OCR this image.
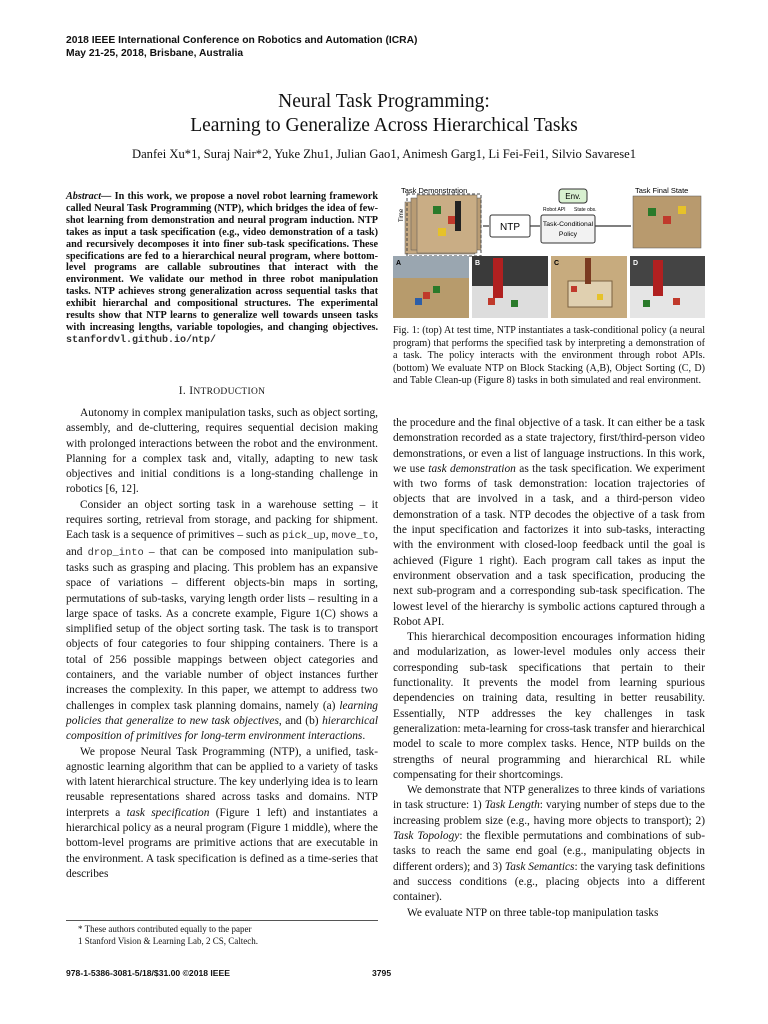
2018 IEEE International Conference on Robotics and Automation (ICRA)
May 21-25, 2018, Brisbane, Australia
Neural Task Programming:
Learning to Generalize Across Hierarchical Tasks
Danfei Xu*1, Suraj Nair*2, Yuke Zhu1, Julian Gao1, Animesh Garg1, Li Fei-Fei1, Silvio Savarese1
Abstract— In this work, we propose a novel robot learning framework called Neural Task Programming (NTP), which bridges the idea of few-shot learning from demonstration and neural program induction. NTP takes as input a task specification (e.g., video demonstration of a task) and recursively decomposes it into finer sub-task specifications. These specifications are fed to a hierarchical neural program, where bottom-level programs are callable subroutines that interact with the environment. We validate our method in three robot manipulation tasks. NTP achieves strong generalization across sequential tasks that exhibit hierarchal and compositional structures. The experimental results show that NTP learns to generalize well towards unseen tasks with increasing lengths, variable topologies, and changing objectives. stanfordvl.github.io/ntp/
I. INTRODUCTION

Autonomy in complex manipulation tasks, such as object sorting, assembly, and de-cluttering, requires sequential decision making with prolonged interactions between the robot and the environment. Planning for a complex task and, vitally, adapting to new task objectives and initial conditions is a long-standing challenge in robotics [6, 12].

Consider an object sorting task in a warehouse setting – it requires sorting, retrieval from storage, and packing for shipment. Each task is a sequence of primitives – such as pick_up, move_to, and drop_into – that can be composed into manipulation sub-tasks such as grasping and placing. This problem has an expansive space of variations – different objects-bin maps in sorting, permutations of sub-tasks, varying length order lists – resulting in a large space of tasks. As a concrete example, Figure 1(C) shows a simplified setup of the object sorting task. The task is to transport objects of four categories to four shipping containers. There is a total of 256 possible mappings between object categories and containers, and the variable number of object instances further increases the complexity. In this paper, we attempt to address two challenges in complex task planning domains, namely (a) learning policies that generalize to new task objectives, and (b) hierarchical composition of primitives for long-term environment interactions.

We propose Neural Task Programming (NTP), a unified, task-agnostic learning algorithm that can be applied to a variety of tasks with latent hierarchical structure. The key underlying idea is to learn reusable representations shared across tasks and domains. NTP interprets a task specification (Figure 1 left) and instantiates a hierarchical policy as a neural program (Figure 1 middle), where the bottom-level programs are primitive actions that are executable in the environment. A task specification is defined as a time-series that describes

* These authors contributed equally to the paper
1 Stanford Vision & Learning Lab, 2 CS, Caltech.
978-1-5386-3081-5/18/$31.00 ©2018 IEEE	3795
Task Demonstration	Task Final State
Time
NTP	Task-Conditional
Policy
Env.
Robot API State obs.
A	B	C	D
Fig. 1: (top) At test time, NTP instantiates a task-conditional policy (a neural program) that performs the specified task by interpreting a demonstration of a task. The policy interacts with the environment through robot APIs. (bottom) We evaluate NTP on Block Stacking (A,B), Object Sorting (C, D) and Table Clean-up (Figure 8) tasks in both simulated and real environment.

the procedure and the final objective of a task. It can either be a task demonstration recorded as a state trajectory, first/third-person video demonstrations, or even a list of language instructions. In this work, we use task demonstration as the task specification. We experiment with two forms of task demonstration: location trajectories of objects that are involved in a task, and a third-person video demonstration of a task. NTP decodes the objective of a task from the input specification and factorizes it into sub-tasks, interacting with the environment with closed-loop feedback until the goal is achieved (Figure 1 right). Each program call takes as input the environment observation and a task specification, producing the next sub-program and a corresponding sub-task specification. The lowest level of the hierarchy is symbolic actions captured through a Robot API.

This hierarchical decomposition encourages information hiding and modularization, as lower-level modules only access their corresponding sub-task specifications that pertain to their functionality. It prevents the model from learning spurious dependencies on training data, resulting in better reusability. Essentially, NTP addresses the key challenges in task generalization: meta-learning for cross-task transfer and hierarchical model to scale to more complex tasks. Hence, NTP builds on the strengths of neural programming and hierarchical RL while compensating for their shortcomings.

We demonstrate that NTP generalizes to three kinds of variations in task structure: 1) Task Length: varying number of steps due to the increasing problem size (e.g., having more objects to transport); 2) Task Topology: the flexible permutations and combinations of sub-tasks to reach the same end goal (e.g., manipulating objects in different orders); and 3) Task Semantics: the varying task definitions and success conditions (e.g., placing objects into a different container).

We evaluate NTP on three table-top manipulation tasks
